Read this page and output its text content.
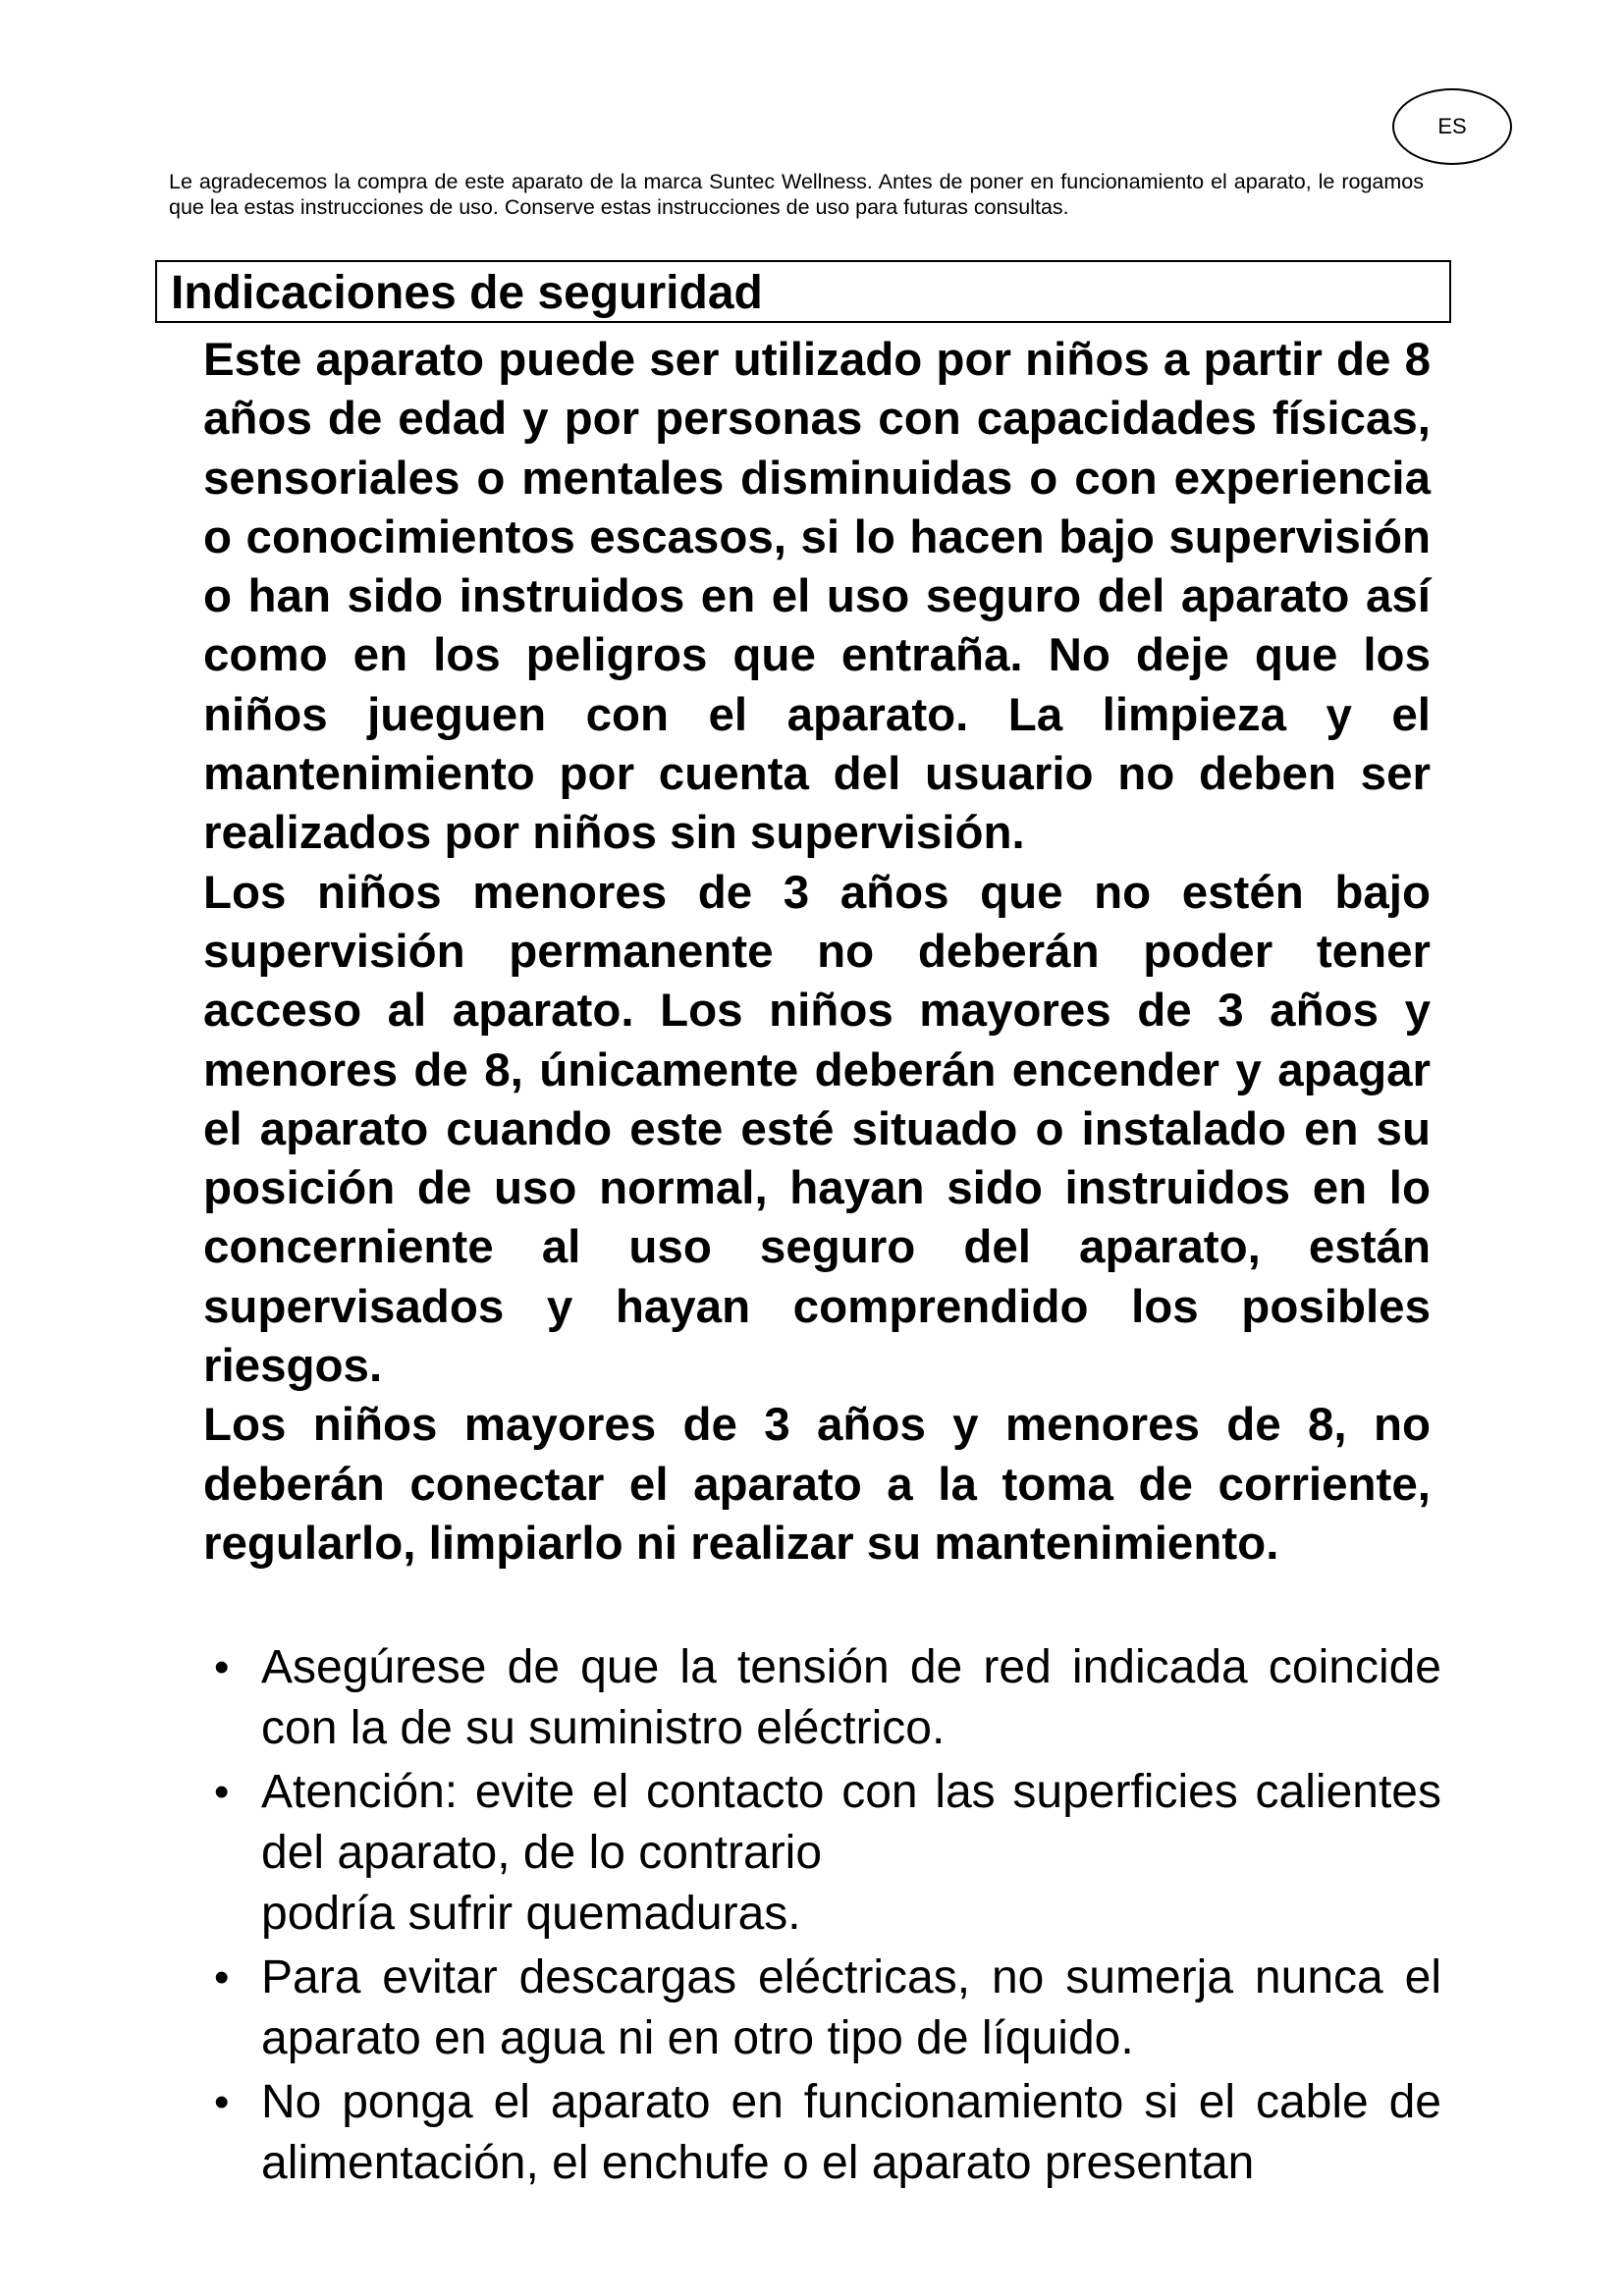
ES

Le agradecemos la compra de este aparato de la marca Suntec Wellness. Antes de poner en funcionamiento el aparato, le rogamos que lea estas instrucciones de uso. Conserve estas instrucciones de uso para futuras consultas.

Indicaciones de seguridad

Este aparato puede ser utilizado por niños a partir de 8 años de edad y por personas con capacidades físicas, sensoriales o mentales disminuidas o con experiencia o conocimientos escasos, si lo hacen bajo supervisión o han sido instruidos en el uso seguro del aparato así como en los peligros que entraña. No deje que los niños jueguen con el aparato. La limpieza y el mantenimiento por cuenta del usuario no deben ser realizados por niños sin supervisión.

Los niños menores de 3 años que no estén bajo supervisión permanente no deberán poder tener acceso al aparato. Los niños mayores de 3 años y menores de 8, únicamente deberán encender y apagar el aparato cuando este esté situado o instalado en su posición de uso normal, hayan sido instruidos en lo concerniente al uso seguro del aparato, están supervisados y hayan comprendido los posibles riesgos.

Los niños mayores de 3 años y menores de 8, no deberán conectar el aparato a la toma de corriente, regularlo, limpiarlo ni realizar su mantenimiento.

• Asegúrese de que la tensión de red indicada coincide con la de su suministro eléctrico.
• Atención: evite el contacto con las superficies calientes del aparato, de lo contrario
podría sufrir quemaduras.
• Para evitar descargas eléctricas, no sumerja nunca el aparato en agua ni en otro tipo de líquido.
• No ponga el aparato en funcionamiento si el cable de alimentación, el enchufe o el aparato presentan
